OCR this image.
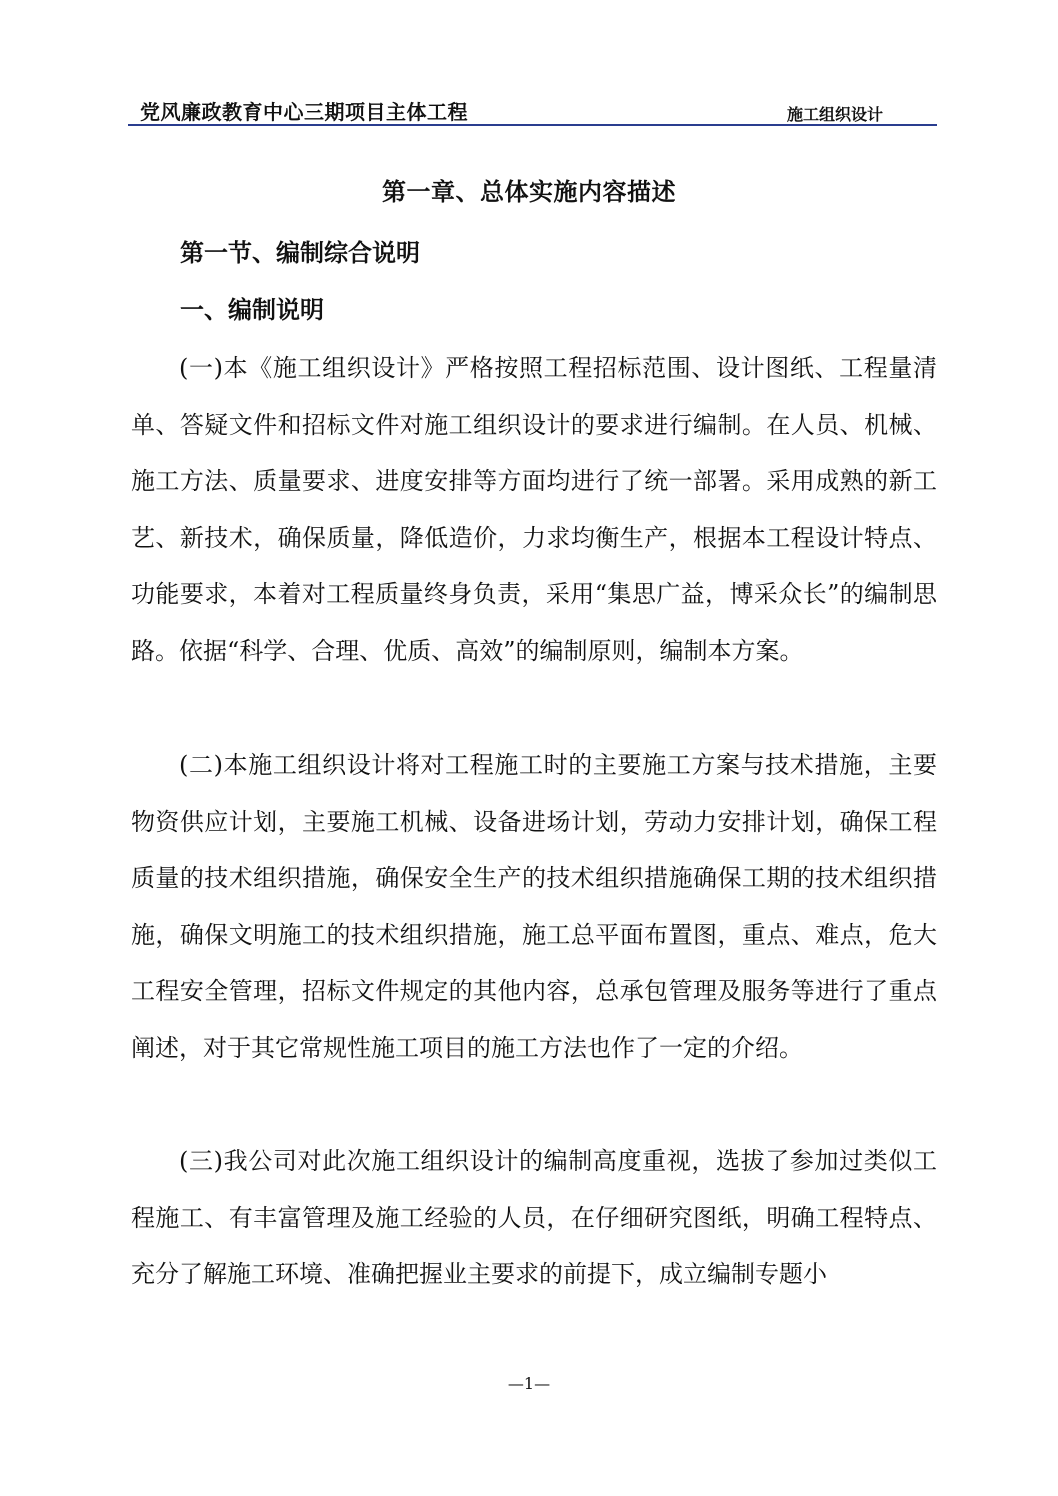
党风廉政教育中心三期项目主体工程	施工组织设计
第一章、总体实施内容描述
第一节、编制综合说明
一、编制说明

(一)本《施工组织设计》严格按照工程招标范围、设计图纸、工程量清单、答疑文件和招标文件对施工组织设计的要求进行编制。在人员、机械、施工方法、质量要求、进度安排等方面均进行了统一部署。采用成熟的新工艺、新技术，确保质量，降低造价，力求均衡生产，根据本工程设计特点、功能要求，本着对工程质量终身负责，采用“集思广益，博采众长”的编制思路。依据“科学、合理、优质、高效”的编制原则，编制本方案。

(二)本施工组织设计将对工程施工时的主要施工方案与技术措施，主要物资供应计划，主要施工机械、设备进场计划，劳动力安排计划，确保工程质量的技术组织措施，确保安全生产的技术组织措施确保工期的技术组织措施，确保文明施工的技术组织措施，施工总平面布置图，重点、难点，危大工程安全管理，招标文件规定的其他内容，总承包管理及服务等进行了重点阐述，对于其它常规性施工项目的施工方法也作了一定的介绍。

(三)我公司对此次施工组织设计的编制高度重视，选拔了参加过类似工程施工、有丰富管理及施工经验的人员，在仔细研究图纸，明确工程特点、充分了解施工环境、准确把握业主要求的前提下，成立编制专题小

—1—
